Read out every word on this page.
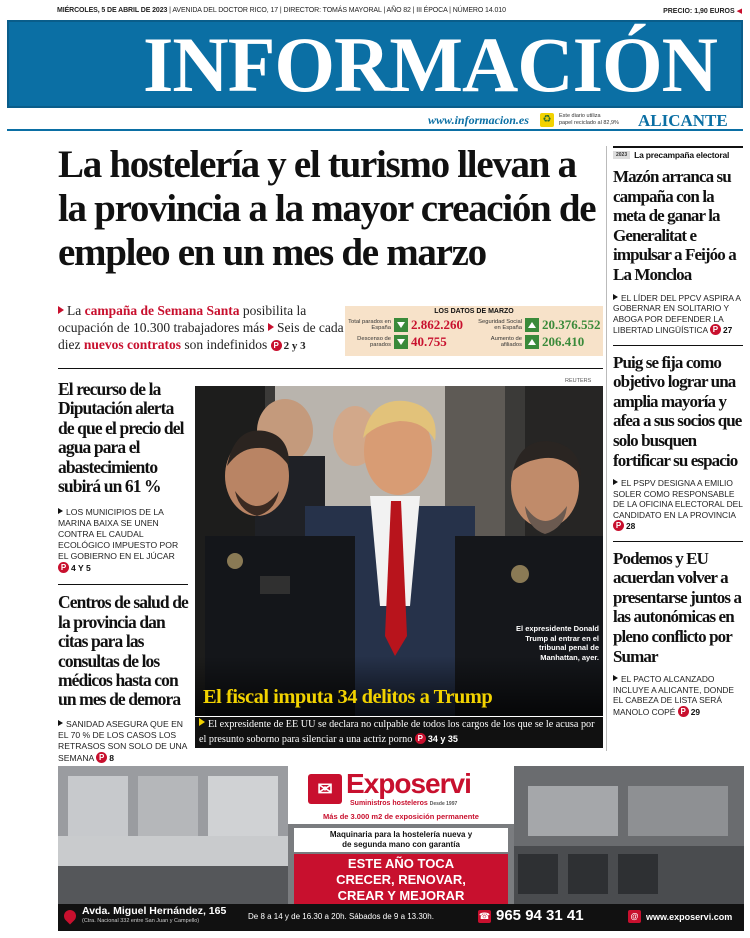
MIÉRCOLES, 5 DE ABRIL DE 2023 | AVENIDA DEL DOCTOR RICO, 17 | DIRECTOR: TOMÁS MAYORAL | AÑO 82 | III ÉPOCA | NÚMERO 14.010	PRECIO: 1,90 EUROS ◀
INFORMACIÓN
www.informacion.es ♻	Este diario utiliza
papel reciclado al 82,9% ALICANTE
La hostelería y el turismo llevan a la provincia a la mayor creación de empleo en un mes de marzo
La campaña de Semana Santa posibilita la ocupación de 10.300 trabajadores más Seis de cada diez nuevos contratos son indefinidos P 2 y 3
LOS DATOS DE MARZO
Total parados en España 2.862.260	Seguridad Social en España 20.376.552
Descenso de parados 40.755	Aumento de afiliados 206.410
El recurso de la Diputación alerta de que el precio del agua para el abastecimiento subirá un 61 %
LOS MUNICIPIOS DE LA MARINA BAIXA SE UNEN CONTRA EL CAUDAL ECOLÓGICO IMPUESTO POR EL GOBIERNO EN EL JÚCAR P 4 Y 5
Centros de salud de la provincia dan citas para las consultas de los médicos hasta con un mes de demora
SANIDAD ASEGURA QUE EN EL 70 % DE LOS CASOS LOS RETRASOS SON SOLO DE UNA SEMANA P 8
REUTERS
El expresidente Donald Trump al entrar en el tribunal penal de Manhattan, ayer.
El fiscal imputa 34 delitos a Trump
El expresidente de EE UU se declara no culpable de todos los cargos de los que se le acusa por el presunto soborno para silenciar a una actriz porno P 34 y 35
2023 La precampaña electoral
Mazón arranca su campaña con la meta de ganar la Generalitat e impulsar a Feijóo a La Moncloa
EL LÍDER DEL PPCV ASPIRA A GOBERNAR EN SOLITARIO Y ABOGA POR DEFENDER LA LIBERTAD LINGÜÍSTICA P 27
Puig se fija como objetivo lograr una amplia mayoría y afea a sus socios que solo busquen fortificar su espacio
EL PSPV DESIGNA A EMILIO SOLER COMO RESPONSABLE DE LA OFICINA ELECTORAL DEL CANDIDATO EN LA PROVINCIA P 28
Podemos y EU acuerdan volver a presentarse juntos a las autonómicas en pleno conflicto por Sumar
EL PACTO ALCANZADO INCLUYE A ALICANTE, DONDE EL CABEZA DE LISTA SERÁ MANOLO COPÉ P 29
✉ Exposervi
Suministros hosteleros Desde 1997
Más de 3.000 m2 de exposición permanente
Maquinaria para la hostelería nueva y
de segunda mano con garantía
ESTE AÑO TOCA
CRECER, RENOVAR,
CREAR Y MEJORAR
Avda. Miguel Hernández, 165
(Ctra. Nacional 332 entre San Juan y Campello)	De 8 a 14 y de 16.30 a 20h. Sábados de 9 a 13.30h.	☎ 965 94 31 41	@ www.exposervi.com
